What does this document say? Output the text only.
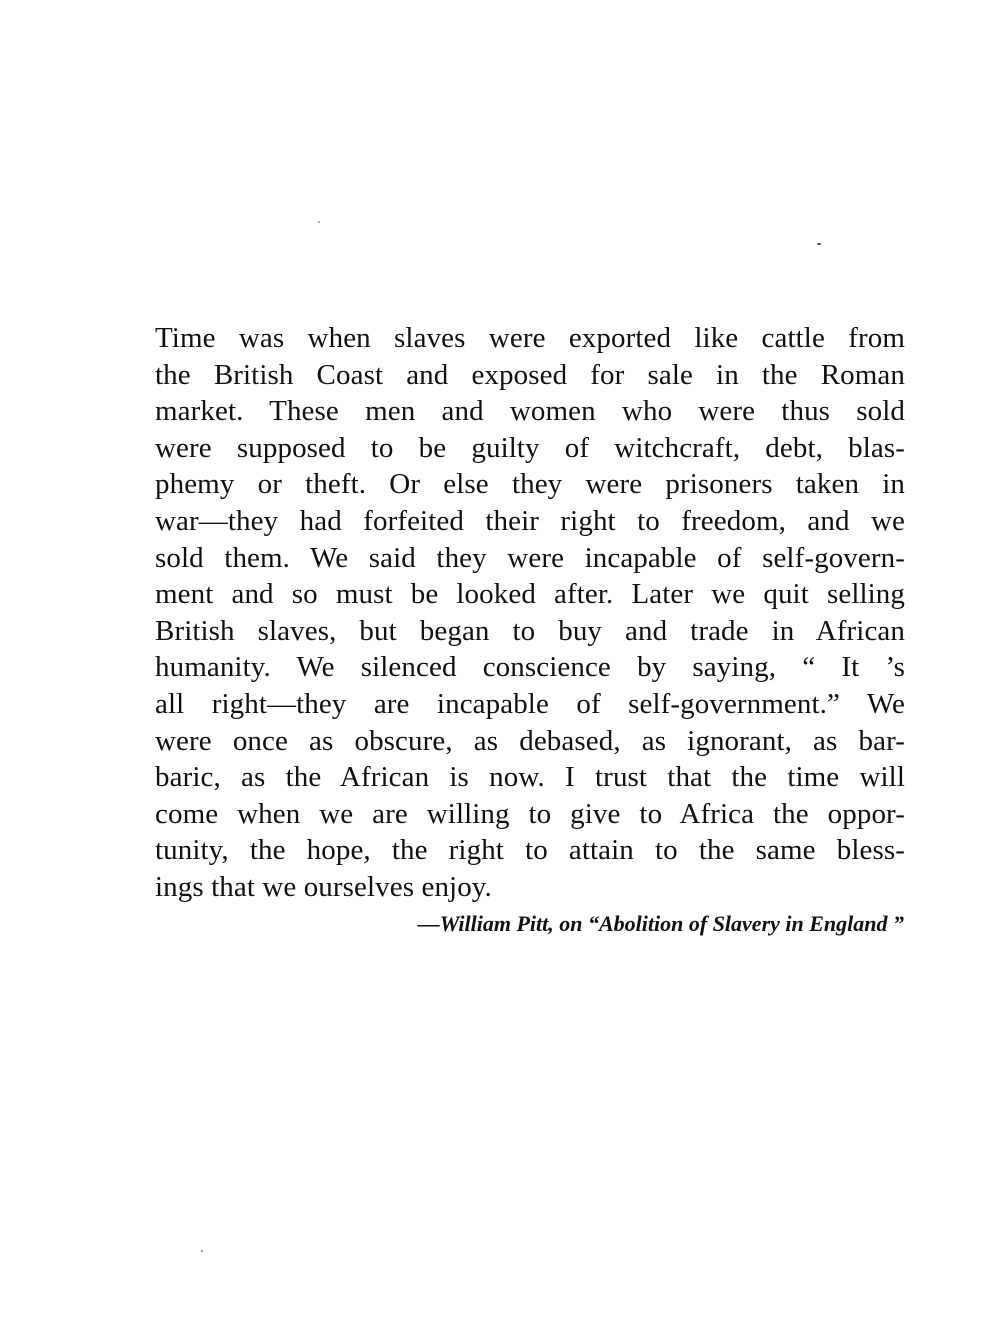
Time was when slaves were exported like cattle from
the British Coast and exposed for sale in the Roman
market. These men and women who were thus sold
were supposed to be guilty of witchcraft, debt, blas-
phemy or theft. Or else they were prisoners taken in
war—they had forfeited their right to freedom, and we
sold them. We said they were incapable of self-govern-
ment and so must be looked after. Later we quit selling
British slaves, but began to buy and trade in African
humanity. We silenced conscience by saying, “ It ’s
all right—they are incapable of self-government.” We
were once as obscure, as debased, as ignorant, as bar-
baric, as the African is now. I trust that the time will
come when we are willing to give to Africa the oppor-
tunity, the hope, the right to attain to the same bless-
ings that we ourselves enjoy.
—William Pitt, on “Abolition of Slavery in England ”
